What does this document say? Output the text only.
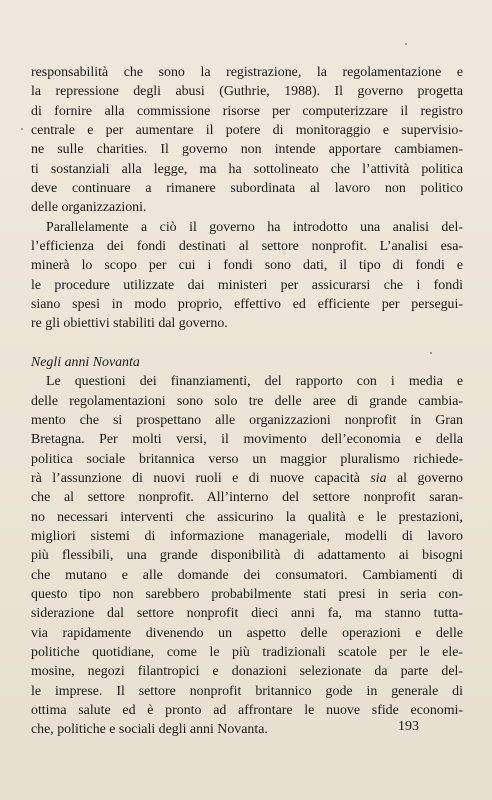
responsabilità che sono la registrazione, la regolamentazione e
la repressione degli abusi (Guthrie, 1988). Il governo progetta
di fornire alla commissione risorse per computerizzare il registro
centrale e per aumentare il potere di monitoraggio e supervisio-
ne sulle charities. Il governo non intende apportare cambiamen-
ti sostanziali alla legge, ma ha sottolineato che l’attività politica
deve continuare a rimanere subordinata al lavoro non politico
delle organizzazioni.

Parallelamente a ciò il governo ha introdotto una analisi del-
l’efficienza dei fondi destinati al settore nonprofit. L’analisi esa-
minerà lo scopo per cui i fondi sono dati, il tipo di fondi e
le procedure utilizzate dai ministeri per assicurarsi che i fondi
siano spesi in modo proprio, effettivo ed efficiente per persegui-
re gli obiettivi stabiliti dal governo.

Negli anni Novanta

Le questioni dei finanziamenti, del rapporto con i media e
delle regolamentazioni sono solo tre delle aree di grande cambia-
mento che si prospettano alle organizzazioni nonprofit in Gran
Bretagna. Per molti versi, il movimento dell’economia e della
politica sociale britannica verso un maggior pluralismo richiede-
rà l’assunzione di nuovi ruoli e di nuove capacità sia al governo
che al settore nonprofit. All’interno del settore nonprofit saran-
no necessari interventi che assicurino la qualità e le prestazioni,
migliori sistemi di informazione manageriale, modelli di lavoro
più flessibili, una grande disponibilità di adattamento ai bisogni
che mutano e alle domande dei consumatori. Cambiamenti di
questo tipo non sarebbero probabilmente stati presi in seria con-
siderazione dal settore nonprofit dieci anni fa, ma stanno tutta-
via rapidamente divenendo un aspetto delle operazioni e delle
politiche quotidiane, come le più tradizionali scatole per le ele-
mosine, negozi filantropici e donazioni selezionate da parte del-
le imprese. Il settore nonprofit britannico gode in generale di
ottima salute ed è pronto ad affrontare le nuove sfide economi-
che, politiche e sociali degli anni Novanta.	193
